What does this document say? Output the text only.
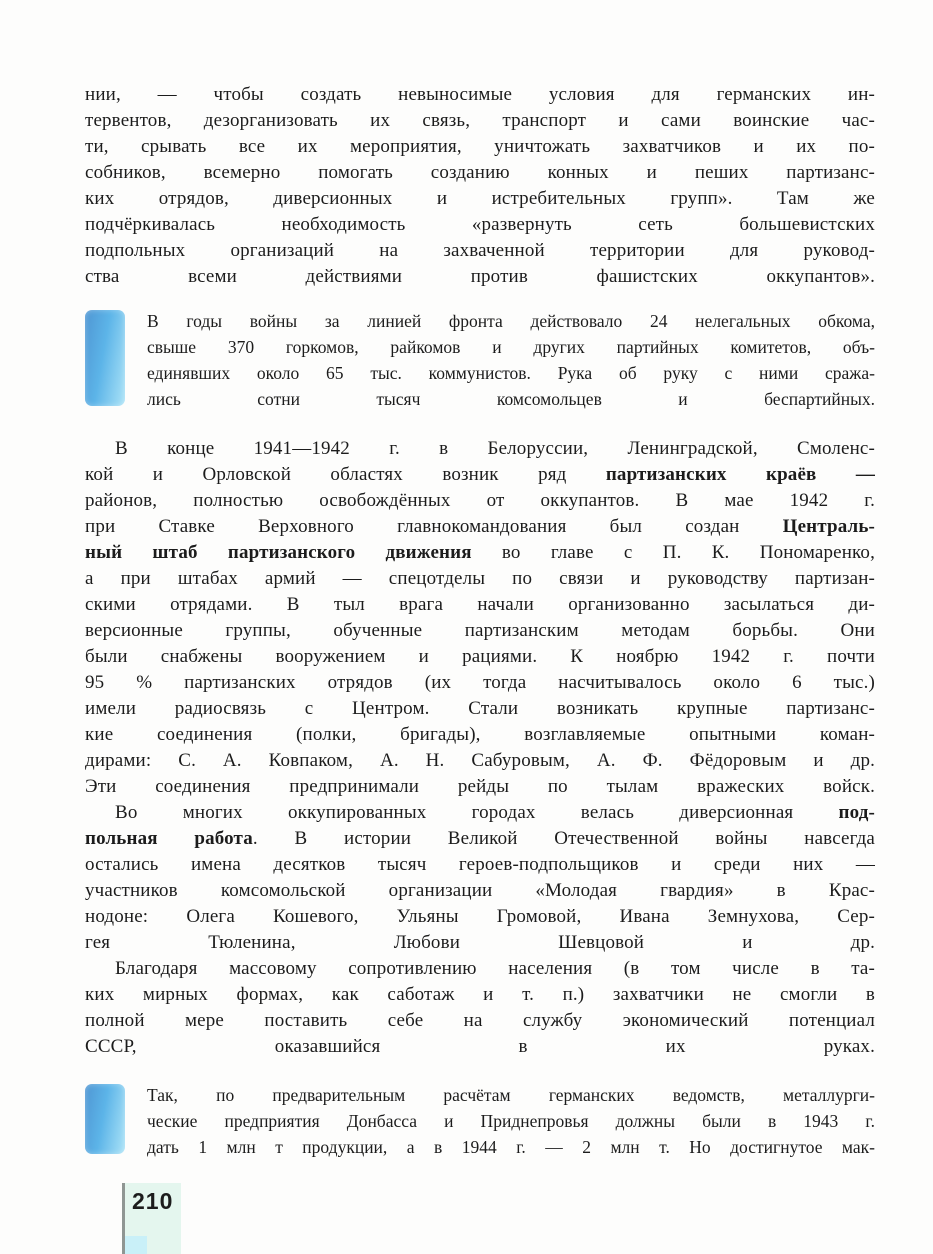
нии, — чтобы создать невыносимые условия для германских ин-
тервентов, дезорганизовать их связь, транспорт и сами воинские час-
ти, срывать все их мероприятия, уничтожать захватчиков и их по-
собников, всемерно помогать созданию конных и пеших партизанс-
ких отрядов, диверсионных и истребительных групп». Там же
подчёркивалась необходимость «развернуть сеть большевистских
подпольных организаций на захваченной территории для руковод-
ства всеми действиями против фашистских оккупантов».
В годы войны за линией фронта действовало 24 нелегальных обкома,
свыше 370 горкомов, райкомов и других партийных комитетов, объ-
единявших около 65 тыс. коммунистов. Рука об руку с ними сража-
лись сотни тысяч комсомольцев и беспартийных.
В конце 1941—1942 г. в Белоруссии, Ленинградской, Смоленс-
кой и Орловской областях возник ряд партизанских краёв —
районов, полностью освобождённых от оккупантов. В мае 1942 г.
при Ставке Верховного главнокомандования был создан Централь-
ный штаб партизанского движения во главе с П. К. Пономаренко,
а при штабах армий — спецотделы по связи и руководству партизан-
скими отрядами. В тыл врага начали организованно засылаться ди-
версионные группы, обученные партизанским методам борьбы. Они
были снабжены вооружением и рациями. К ноябрю 1942 г. почти
95 % партизанских отрядов (их тогда насчитывалось около 6 тыс.)
имели радиосвязь с Центром. Стали возникать крупные партизанс-
кие соединения (полки, бригады), возглавляемые опытными коман-
дирами: С. А. Ковпаком, А. Н. Сабуровым, А. Ф. Фёдоровым и др.
Эти соединения предпринимали рейды по тылам вражеских войск.
Во многих оккупированных городах велась диверсионная под-
польная работа. В истории Великой Отечественной войны навсегда
остались имена десятков тысяч героев-подпольщиков и среди них —
участников комсомольской организации «Молодая гвардия» в Крас-
нодоне: Олега Кошевого, Ульяны Громовой, Ивана Земнухова, Сер-
гея Тюленина, Любови Шевцовой и др.
Благодаря массовому сопротивлению населения (в том числе в та-
ких мирных формах, как саботаж и т. п.) захватчики не смогли в
полной мере поставить себе на службу экономический потенциал
СССР, оказавшийся в их руках.
Так, по предварительным расчётам германских ведомств, металлурги-
ческие предприятия Донбасса и Приднепровья должны были в 1943 г.
дать 1 млн т продукции, а в 1944 г. — 2 млн т. Но достигнутое мак-
210
